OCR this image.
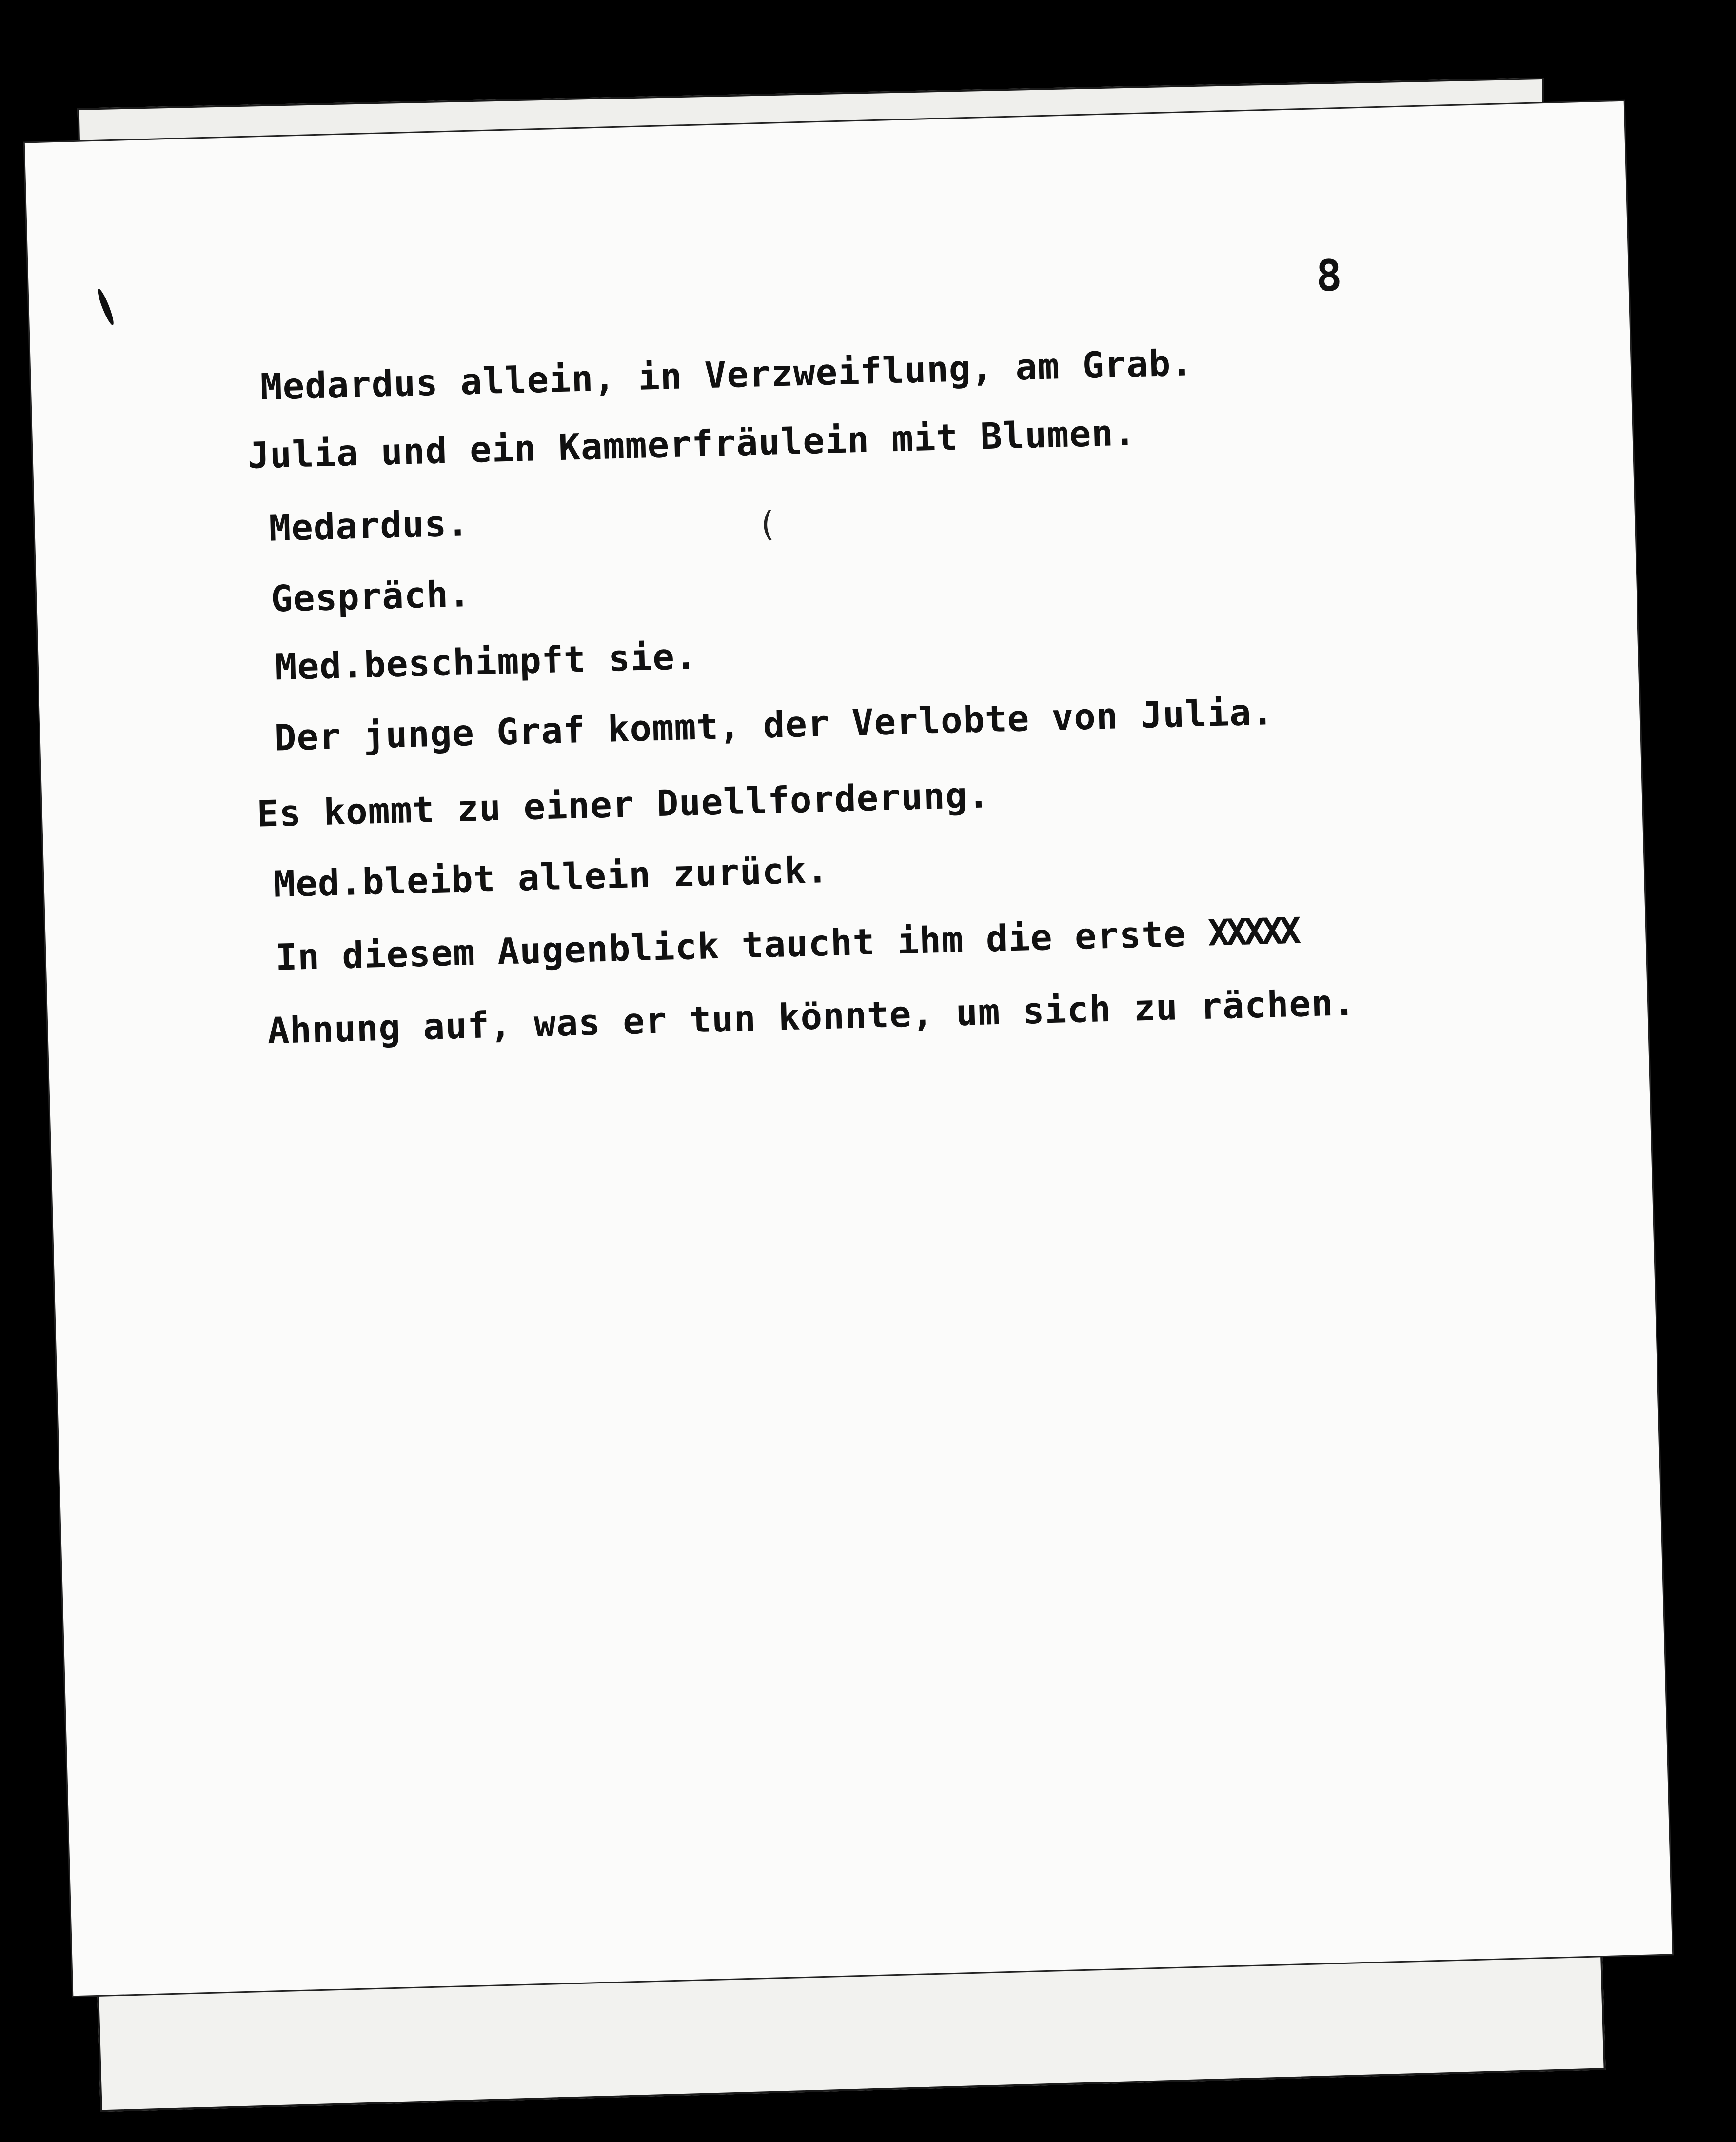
(
8
Medardus allein, in Verzweiflung, am Grab.
Julia und ein Kammerfräulein mit Blumen.
Medardus.
Gespräch.
Med.beschimpft sie.
Der junge Graf kommt, der Verlobte von Julia.
Es kommt zu einer Duellforderung.
Med.bleibt allein zurück.
In diesem Augenblick taucht ihm die erste XXXXX
Ahnung auf, was er tun könnte, um sich zu rächen.
